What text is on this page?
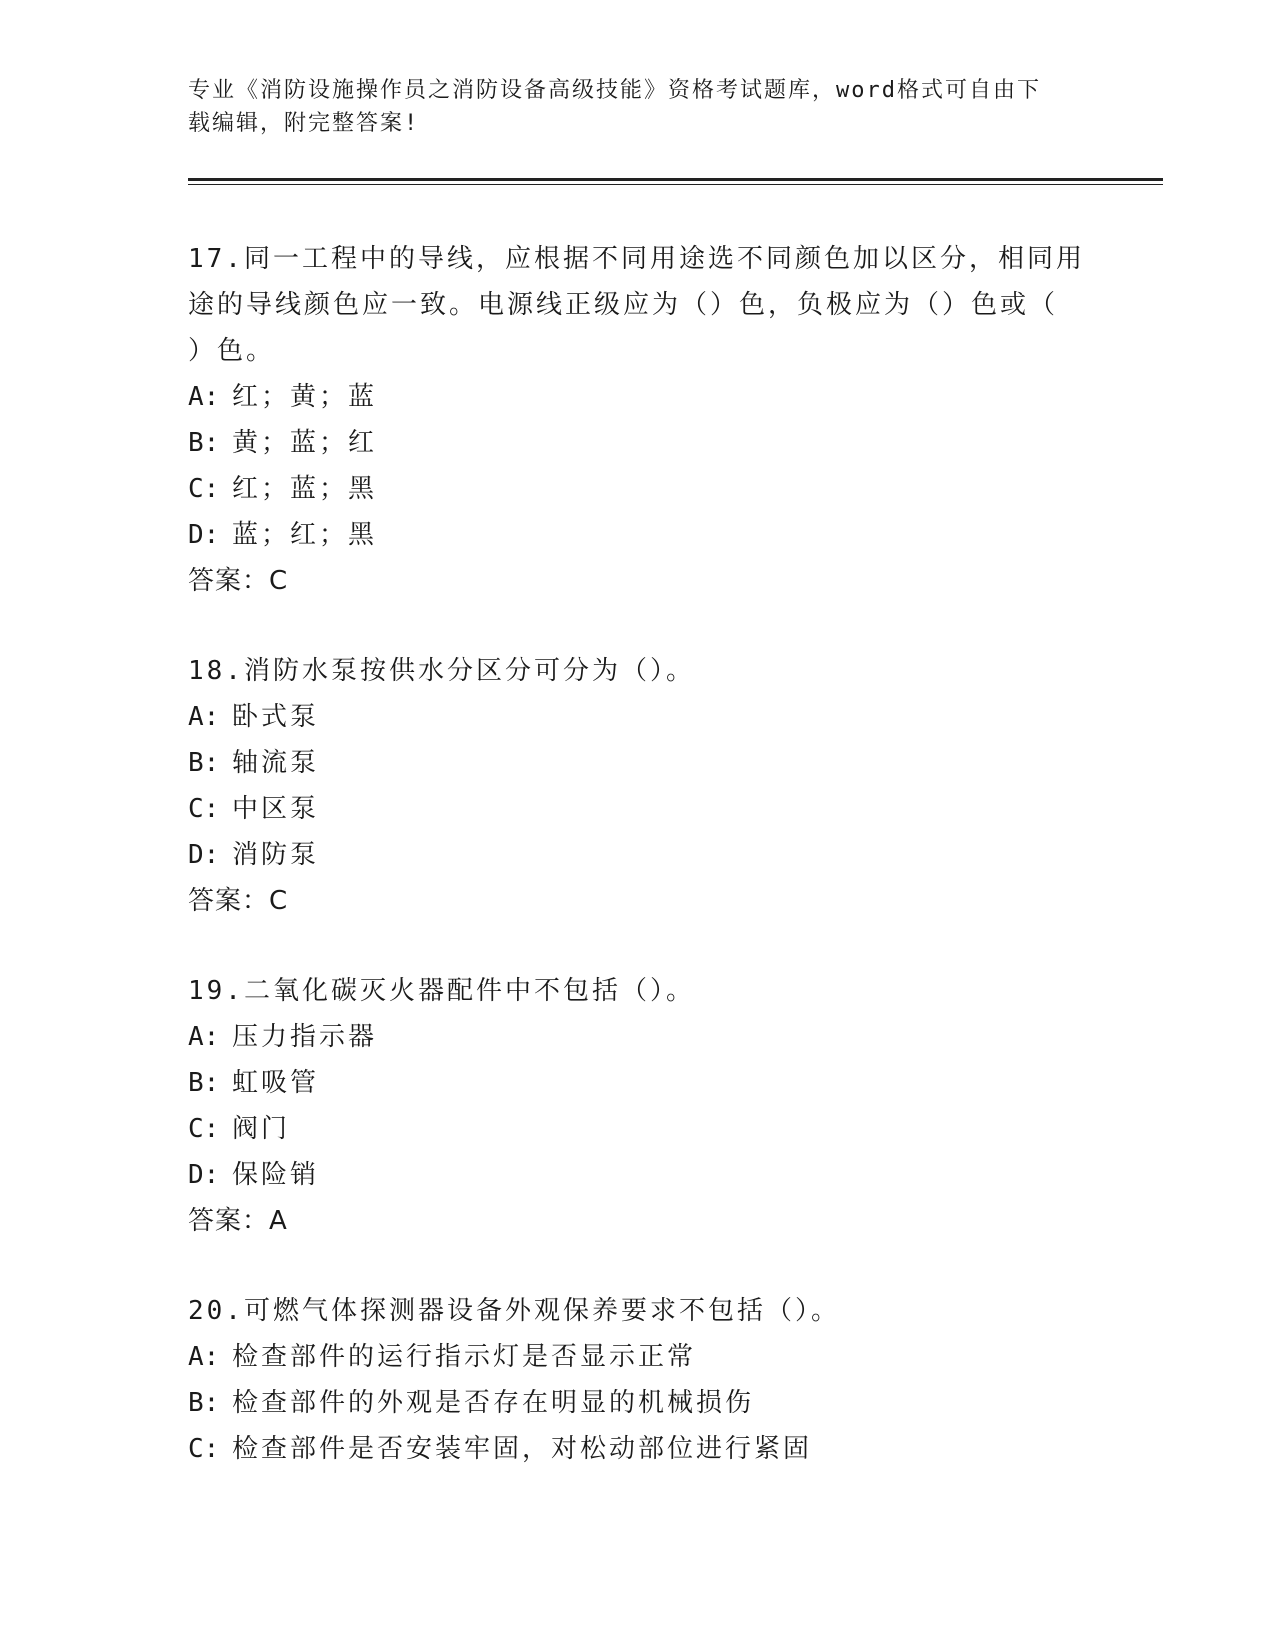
专业《消防设施操作员之消防设备高级技能》资格考试题库，word格式可自由下
载编辑，附完整答案!
17.同一工程中的导线，应根据不同用途选不同颜色加以区分，相同用
途的导线颜色应一致。电源线正级应为（）色，负极应为（）色或（
）色。
A: 红；黄；蓝
B: 黄；蓝；红
C: 红；蓝；黑
D: 蓝；红；黑
答案：C
18.消防水泵按供水分区分可分为（）。
A: 卧式泵
B: 轴流泵
C: 中区泵
D: 消防泵
答案：C
19.二氧化碳灭火器配件中不包括（）。
A: 压力指示器
B: 虹吸管
C: 阀门
D: 保险销
答案：A
20.可燃气体探测器设备外观保养要求不包括（）。
A: 检查部件的运行指示灯是否显示正常
B: 检查部件的外观是否存在明显的机械损伤
C: 检查部件是否安装牢固，对松动部位进行紧固
